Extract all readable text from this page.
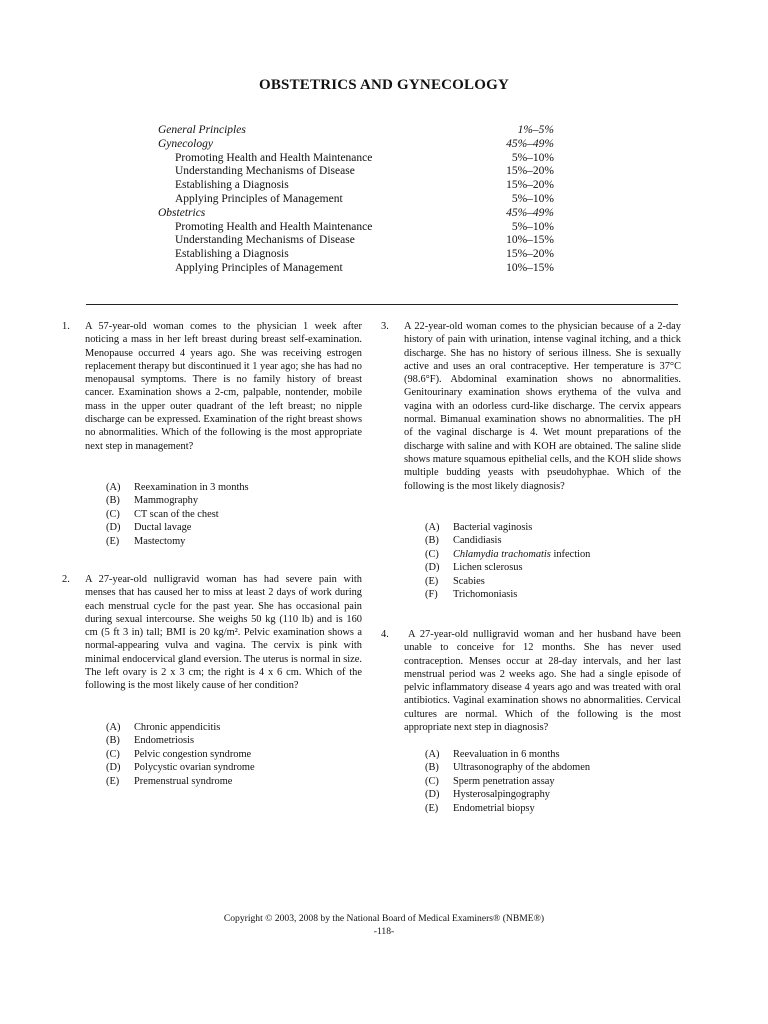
OBSTETRICS AND GYNECOLOGY
General Principles	1%–5%
Gynecology	45%–49%
Promoting Health and Health Maintenance	5%–10%
Understanding Mechanisms of Disease	15%–20%
Establishing a Diagnosis	15%–20%
Applying Principles of Management	5%–10%
Obstetrics	45%–49%
Promoting Health and Health Maintenance	5%–10%
Understanding Mechanisms of Disease	10%–15%
Establishing a Diagnosis	15%–20%
Applying Principles of Management	10%–15%
1. A 57-year-old woman comes to the physician 1 week after noticing a mass in her left breast during breast self-examination. Menopause occurred 4 years ago. She was receiving estrogen replacement therapy but discontinued it 1 year ago; she has had no menopausal symptoms. There is no family history of breast cancer. Examination shows a 2-cm, palpable, nontender, mobile mass in the upper outer quadrant of the left breast; no nipple discharge can be expressed. Examination of the right breast shows no abnormalities. Which of the following is the most appropriate next step in management?
(A) Reexamination in 3 months
(B) Mammography
(C) CT scan of the chest
(D) Ductal lavage
(E) Mastectomy
2. A 27-year-old nulligravid woman has had severe pain with menses that has caused her to miss at least 2 days of work during each menstrual cycle for the past year. She has occasional pain during sexual intercourse. She weighs 50 kg (110 lb) and is 160 cm (5 ft 3 in) tall; BMI is 20 kg/m². Pelvic examination shows a normal-appearing vulva and vagina. The cervix is pink with minimal endocervical gland eversion. The uterus is normal in size. The left ovary is 2 x 3 cm; the right is 4 x 6 cm. Which of the following is the most likely cause of her condition?
(A) Chronic appendicitis
(B) Endometriosis
(C) Pelvic congestion syndrome
(D) Polycystic ovarian syndrome
(E) Premenstrual syndrome
3. A 22-year-old woman comes to the physician because of a 2-day history of pain with urination, intense vaginal itching, and a thick discharge. She has no history of serious illness. She is sexually active and uses an oral contraceptive. Her temperature is 37°C (98.6°F). Abdominal examination shows no abnormalities. Genitourinary examination shows erythema of the vulva and vagina with an odorless curd-like discharge. The cervix appears normal. Bimanual examination shows no abnormalities. The pH of the vaginal discharge is 4. Wet mount preparations of the discharge with saline and with KOH are obtained. The saline slide shows mature squamous epithelial cells, and the KOH slide shows multiple budding yeasts with pseudohyphae. Which of the following is the most likely diagnosis?
(A) Bacterial vaginosis
(B) Candidiasis
(C) Chlamydia trachomatis infection
(D) Lichen sclerosus
(E) Scabies
(F) Trichomoniasis
4.	A 27-year-old nulligravid woman and her husband have been unable to conceive for 12 months. She has never used contraception. Menses occur at 28-day intervals, and her last menstrual period was 2 weeks ago. She had a single episode of pelvic inflammatory disease 4 years ago and was treated with oral antibiotics. Vaginal examination shows no abnormalities. Cervical cultures are normal. Which of the following is the most appropriate next step in diagnosis?
(A) Reevaluation in 6 months
(B) Ultrasonography of the abdomen
(C) Sperm penetration assay
(D) Hysterosalpingography
(E) Endometrial biopsy
Copyright © 2003, 2008 by the National Board of Medical Examiners® (NBME®)
-118-
